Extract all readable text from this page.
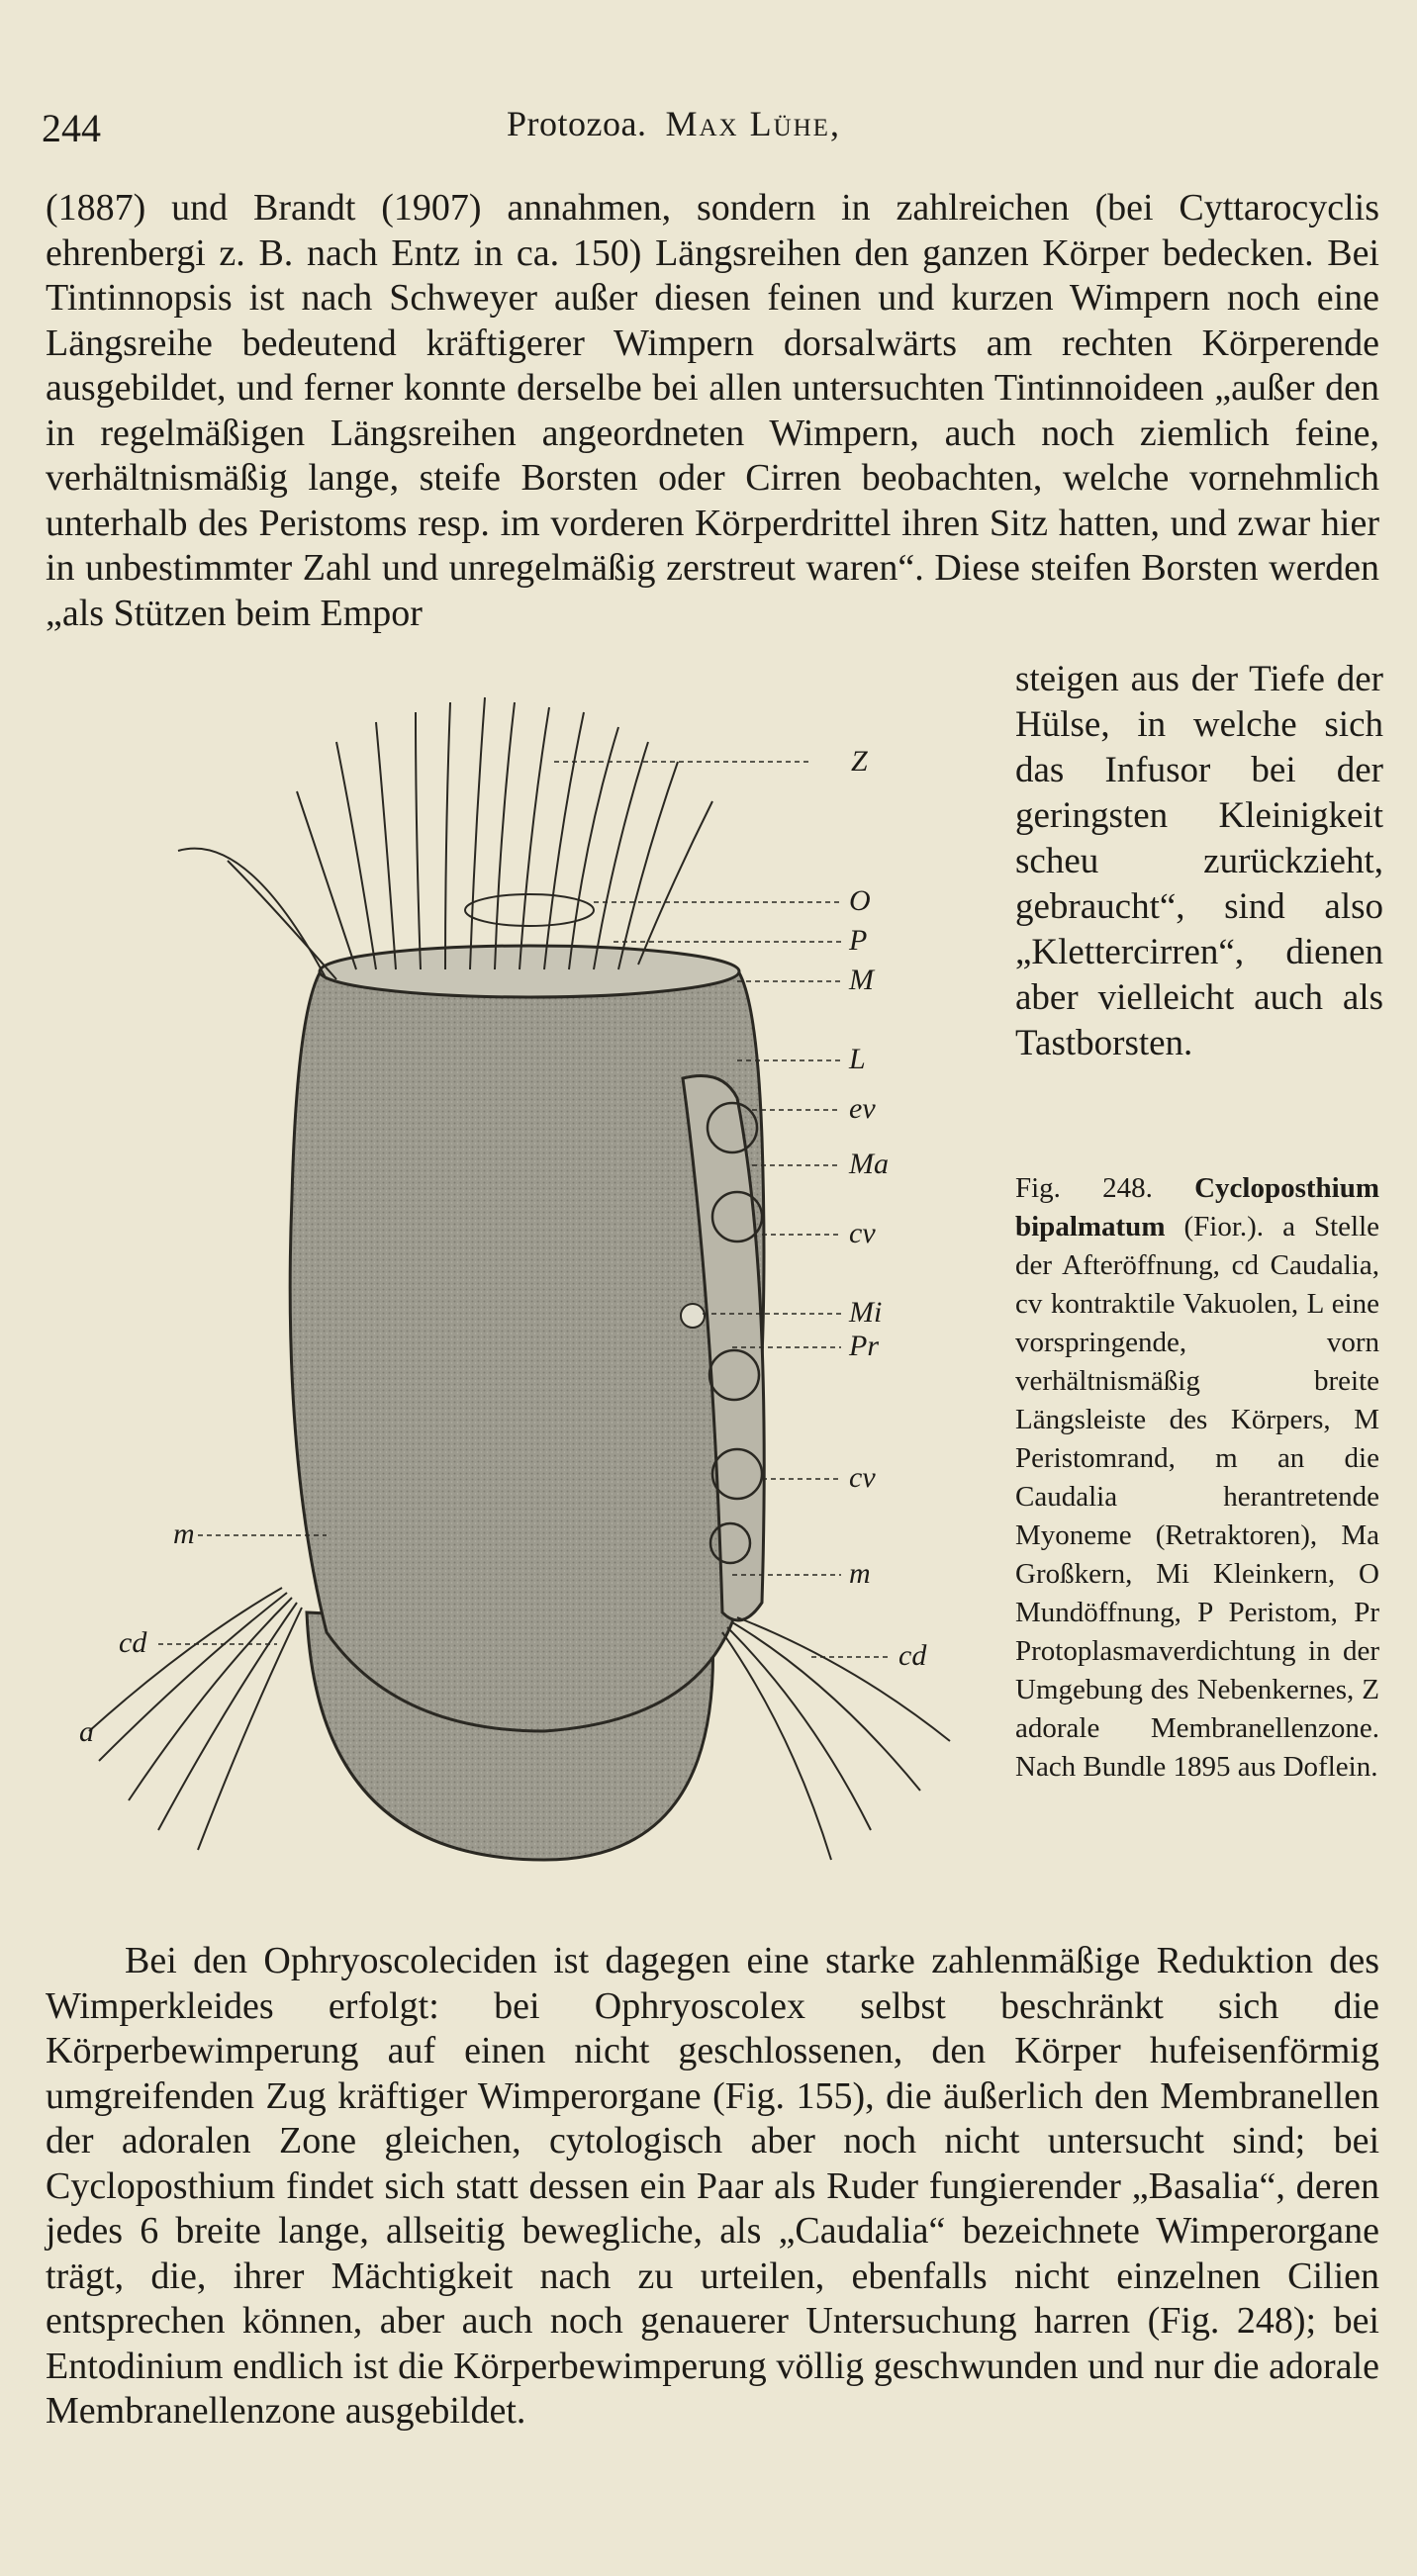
244	Protozoa. Max Lühe,

(1887) und Brandt (1907) annahmen, sondern in zahlreichen (bei Cyttarocyclis ehrenbergi z. B. nach Entz in ca. 150) Längsreihen den ganzen Körper bedecken. Bei Tintinnopsis ist nach Schweyer außer diesen feinen und kurzen Wimpern noch eine Längsreihe bedeutend kräftigerer Wimpern dorsalwärts am rechten Körperende ausgebildet, und ferner konnte derselbe bei allen untersuchten Tintinnoideen „außer den in regelmäßigen Längsreihen angeordneten Wimpern, auch noch ziemlich feine, verhältnismäßig lange, steife Borsten oder Cirren beobachten, welche vornehmlich unterhalb des Peristoms resp. im vorderen Körperdrittel ihren Sitz hatten, und zwar hier in unbestimmter Zahl und unregelmäßig zerstreut waren“. Diese steifen Borsten werden „als Stützen beim Empor

Z
O
P
M
L
ev
Ma
cv
Mi
Pr
cv
m
cd
m
cd
a

steigen aus der Tiefe der Hülse, in welche sich das Infusor bei der geringsten Kleinigkeit scheu zurückzieht, gebraucht“, sind also „Klettercirren“, dienen aber vielleicht auch als Tastborsten.

Fig. 248. Cycloposthium bipalmatum (Fior.). a Stelle der Afteröffnung, cd Caudalia, cv kontraktile Vakuolen, L eine vorspringende, vorn verhältnismäßig breite Längsleiste des Körpers, M Peristomrand, m an die Caudalia herantretende Myoneme (Retraktoren), Ma Großkern, Mi Kleinkern, O Mundöffnung, P Peristom, Pr Protoplasmaverdichtung in der Umgebung des Nebenkernes, Z adorale Membranellenzone. Nach Bundle 1895 aus Doflein.

Bei den Ophryoscoleciden ist dagegen eine starke zahlenmäßige Reduktion des Wimperkleides erfolgt: bei Ophryoscolex selbst beschränkt sich die Körperbewimperung auf einen nicht geschlossenen, den Körper hufeisenförmig umgreifenden Zug kräftiger Wimperorgane (Fig. 155), die äußerlich den Membranellen der adoralen Zone gleichen, cytologisch aber noch nicht untersucht sind; bei Cycloposthium findet sich statt dessen ein Paar als Ruder fungierender „Basalia“, deren jedes 6 breite lange, allseitig bewegliche, als „Caudalia“ bezeichnete Wimperorgane trägt, die, ihrer Mächtigkeit nach zu urteilen, ebenfalls nicht einzelnen Cilien entsprechen können, aber auch noch genauerer Untersuchung harren (Fig. 248); bei Entodinium endlich ist die Körperbewimperung völlig geschwunden und nur die adorale Membranellenzone ausgebildet.
